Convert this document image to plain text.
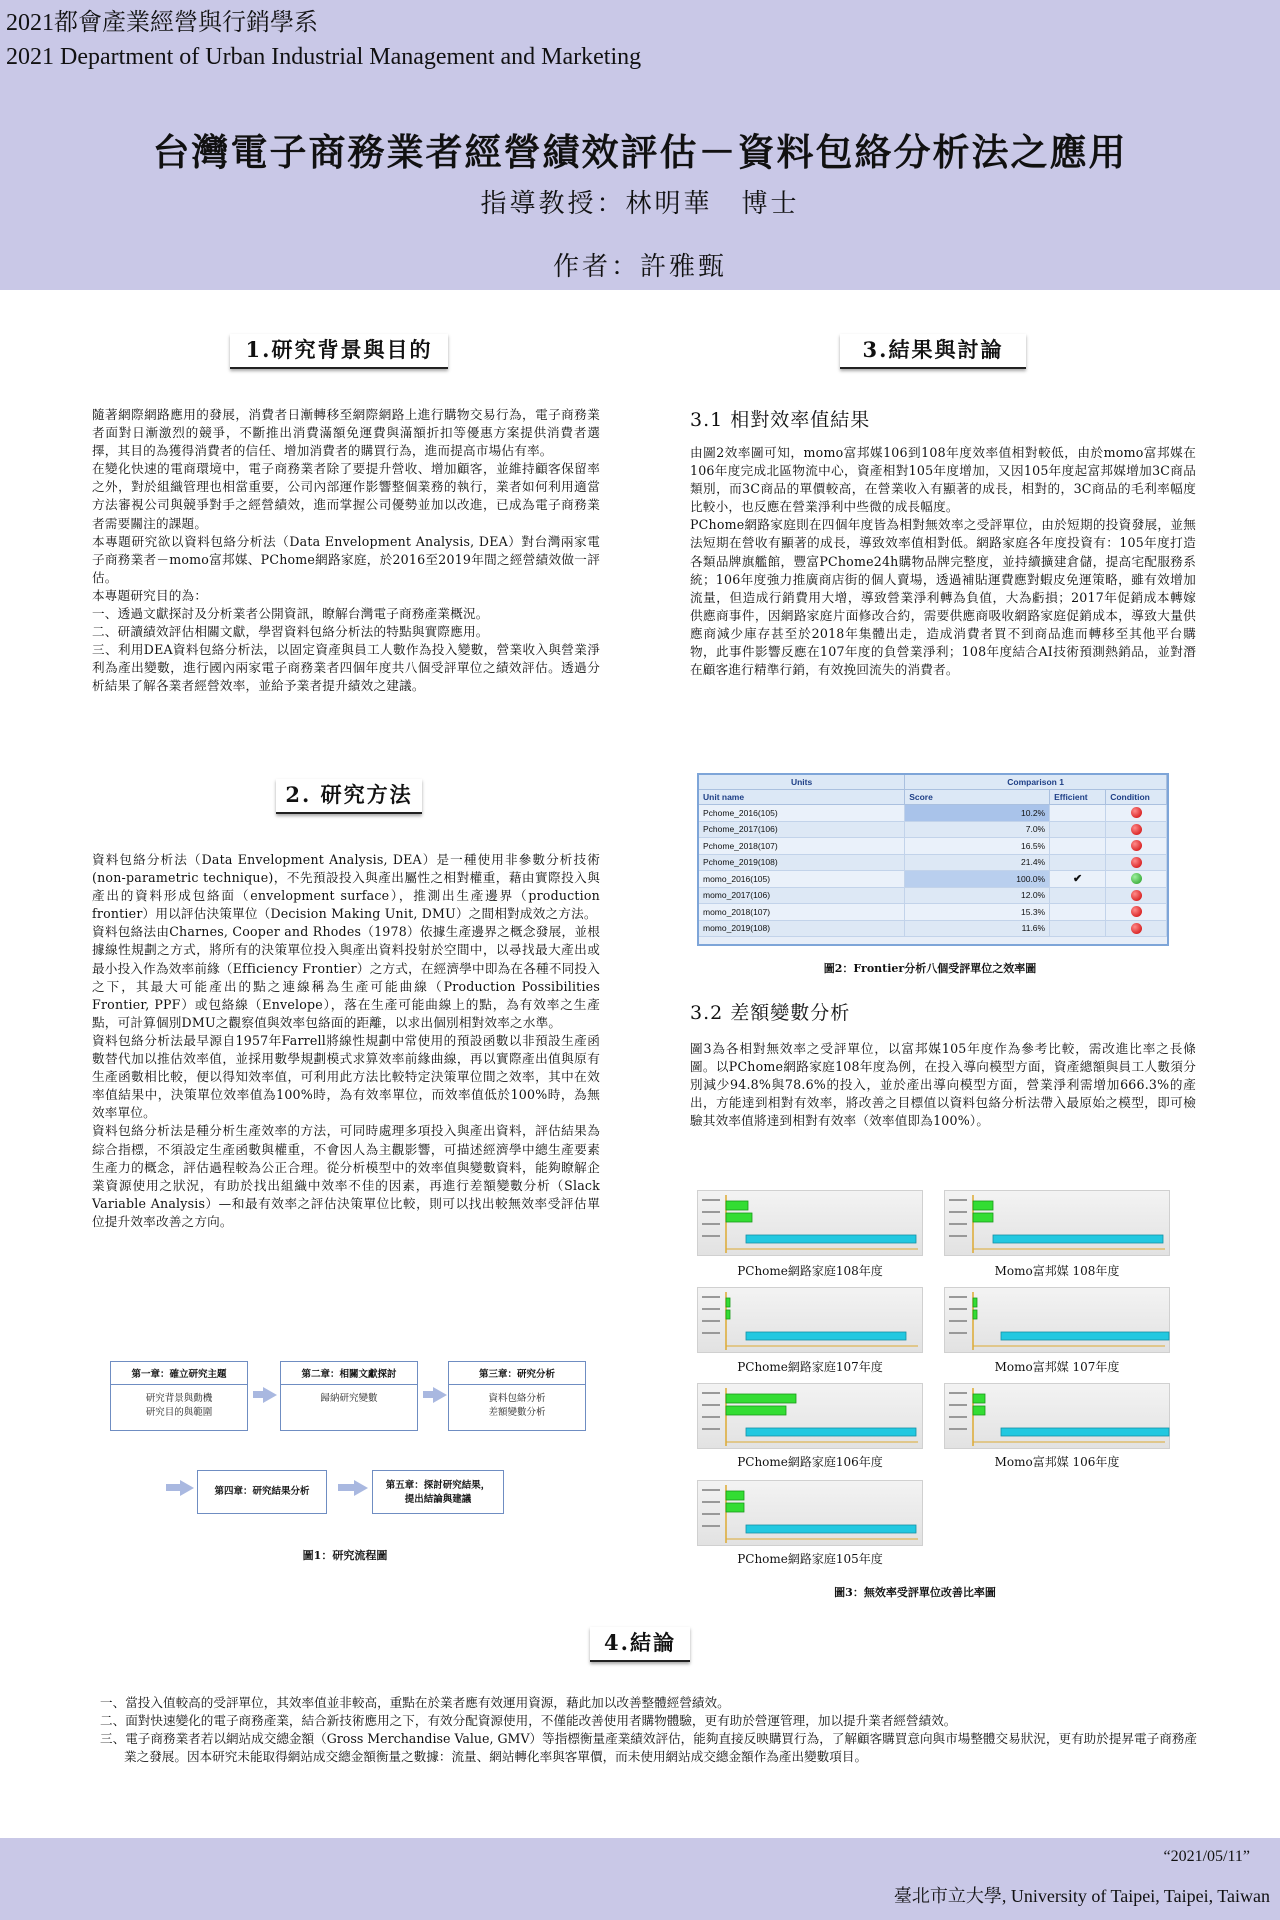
2021都會產業經營與行銷學系
2021 Department of Urban Industrial Management and Marketing
台灣電子商務業者經營績效評估－資料包絡分析法之應用
指導教授：林明華　博士
作者：許雅甄
1.研究背景與目的

隨著網際網路應用的發展，消費者日漸轉移至網際網路上進行購物交易行為，電子商務業者面對日漸激烈的競爭，不斷推出消費滿額免運費與滿額折扣等優惠方案提供消費者選擇，其目的為獲得消費者的信任、增加消費者的購買行為，進而提高市場佔有率。

在變化快速的電商環境中，電子商務業者除了要提升營收、增加顧客，並維持顧客保留率之外，對於組織管理也相當重要，公司內部運作影響整個業務的執行，業者如何利用適當方法審視公司與競爭對手之經營績效，進而掌握公司優勢並加以改進，已成為電子商務業者需要關注的課題。

本專題研究欲以資料包絡分析法（Data Envelopment Analysis, DEA）對台灣兩家電子商務業者－momo富邦媒、PChome網路家庭，於2016至2019年間之經營績效做一評估。

本專題研究目的為：

一、透過文獻探討及分析業者公開資訊，瞭解台灣電子商務產業概況。

二、研讀績效評估相關文獻，學習資料包絡分析法的特點與實際應用。

三、利用DEA資料包絡分析法，以固定資產與員工人數作為投入變數，營業收入與營業淨利為產出變數，進行國內兩家電子商務業者四個年度共八個受評單位之績效評估。透過分析結果了解各業者經營效率，並給予業者提升績效之建議。

2. 研究方法

資料包絡分析法（Data Envelopment Analysis, DEA）是一種使用非參數分析技術(non-parametric technique)，不先預設投入與產出屬性之相對權重，藉由實際投入與產出的資料形成包絡面（envelopment surface），推測出生產邊界（production frontier）用以評估決策單位（Decision Making Unit, DMU）之間相對成效之方法。

資料包絡法由Charnes, Cooper and Rhodes（1978）依據生產邊界之概念發展，並根據線性規劃之方式，將所有的決策單位投入與產出資料投射於空間中，以尋找最大產出或最小投入作為效率前緣（Efficiency Frontier）之方式，在經濟學中即為在各種不同投入之下，其最大可能產出的點之連線稱為生產可能曲線（Production Possibilities Frontier, PPF）或包絡線（Envelope），落在生產可能曲線上的點，為有效率之生產點，可計算個別DMU之觀察值與效率包絡面的距離，以求出個別相對效率之水準。

資料包絡分析法最早源自1957年Farrell將線性規劃中常使用的預設函數以非預設生產函數替代加以推估效率值，並採用數學規劃模式求算效率前緣曲線，再以實際產出值與原有生產函數相比較，便以得知效率值，可利用此方法比較特定決策單位間之效率，其中在效率值結果中，決策單位效率值為100%時，為有效率單位，而效率值低於100%時，為無效率單位。

資料包絡分析法是種分析生產效率的方法，可同時處理多項投入與產出資料，評估結果為綜合指標，不須設定生產函數與權重，不會因人為主觀影響，可描述經濟學中總生產要素生產力的概念，評估過程較為公正合理。從分析模型中的效率值與變數資料，能夠瞭解企業資源使用之狀況，有助於找出組織中效率不佳的因素，再進行差額變數分析（Slack Variable Analysis）—和最有效率之評估決策單位比較，則可以找出較無效率受評估單位提升效率改善之方向。

第一章：確立研究主題
研究背景與動機
研究目的與範圍
第二章：相關文獻探討
歸納研究變數
第三章：研究分析
資料包絡分析
差額變數分析
第四章：研究結果分析
第五章：探討研究結果，
提出結論與建議
圖1：研究流程圖
3.結果與討論
3.1 相對效率值結果

由圖2效率圖可知，momo富邦媒106到108年度效率值相對較低，由於momo富邦媒在106年度完成北區物流中心，資產相對105年度增加，又因105年度起富邦媒增加3C商品類別，而3C商品的單價較高，在營業收入有顯著的成長，相對的，3C商品的毛利率幅度比較小，也反應在營業淨利中些微的成長幅度。

PChome網路家庭則在四個年度皆為相對無效率之受評單位，由於短期的投資發展，並無法短期在營收有顯著的成長，導致效率值相對低。網路家庭各年度投資有：105年度打造各類品牌旗艦館，豐富PChome24h購物品牌完整度，並持續擴建倉儲，提高宅配服務系統；106年度強力推廣商店街的個人賣場，透過補貼運費應對蝦皮免運策略，雖有效增加流量，但造成行銷費用大增，導致營業淨利轉為負值，大為虧損；2017年促銷成本轉嫁供應商事件，因網路家庭片面修改合約，需要供應商吸收網路家庭促銷成本，導致大量供應商減少庫存甚至於2018年集體出走，造成消費者買不到商品進而轉移至其他平台購物，此事件影響反應在107年度的負營業淨利；108年度結合AI技術預測熱銷品，並對潛在顧客進行精準行銷，有效挽回流失的消費者。

Units	Comparison 1		
Unit name	Score	Efficient	Condition
Pchome_2016(105)	10.2%		
Pchome_2017(106)	7.0%		
Pchome_2018(107)	16.5%		
Pchome_2019(108)	21.4%		
momo_2016(105)	100.0%	✔	
momo_2017(106)	12.0%		
momo_2018(107)	15.3%		
momo_2019(108)	11.6%		
圖2：Frontier分析八個受評單位之效率圖
3.2 差額變數分析
圖3為各相對無效率之受評單位，以富邦媒105年度作為參考比較，需改進比率之長條圖。以PChome網路家庭108年度為例，在投入導向模型方面，資產總額與員工人數須分別減少94.8%與78.6%的投入，並於產出導向模型方面，營業淨利需增加666.3%的產出，方能達到相對有效率，將改善之目標值以資料包絡分析法帶入最原始之模型，即可檢驗其效率值將達到相對有效率（效率值即為100%）。
PChome網路家庭108年度	Momo富邦媒 108年度
PChome網路家庭107年度	Momo富邦媒 107年度
PChome網路家庭106年度	Momo富邦媒 106年度
PChome網路家庭105年度
圖3：無效率受評單位改善比率圖
4.結論
一、當投入值較高的受評單位，其效率值並非較高，重點在於業者應有效運用資源，藉此加以改善整體經營績效。
二、面對快速變化的電子商務產業，結合新技術應用之下，有效分配資源使用，不僅能改善使用者購物體驗，更有助於營運管理，加以提升業者經營績效。
三、電子商務業者若以網站成交總金額（Gross Merchandise Value, GMV）等指標衡量產業績效評估，能夠直接反映購買行為，了解顧客購買意向與市場整體交易狀況，更有助於提昇電子商務產業之發展。因本研究未能取得網站成交總金額衡量之數據：流量、網站轉化率與客單價，而未使用網站成交總金額作為產出變數項目。
“2021/05/11”
臺北市立大學, University of Taipei, Taipei, Taiwan
